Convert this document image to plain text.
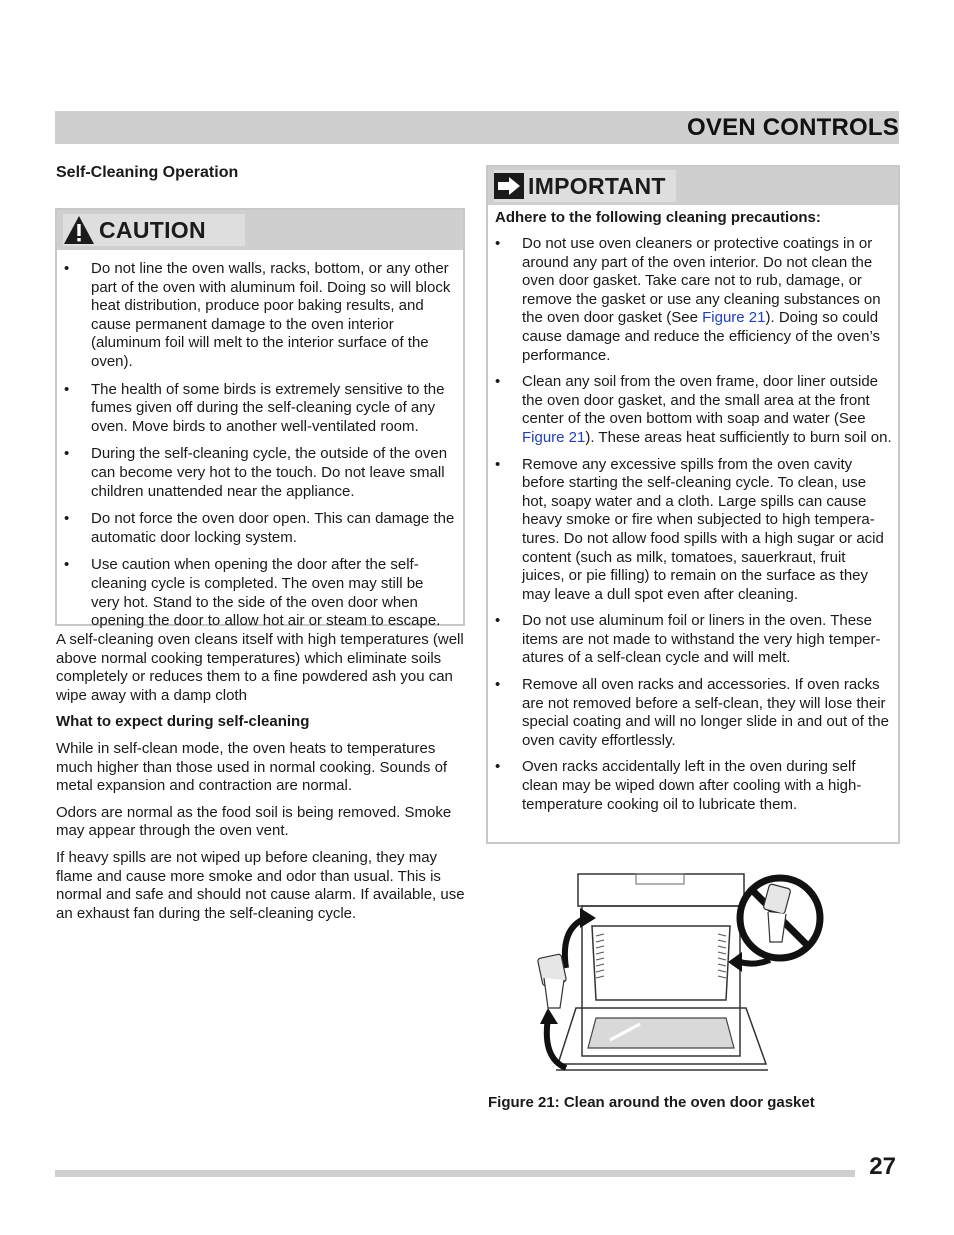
OVEN CONTROLS
Self-Cleaning Operation
CAUTION
• Do not line the oven walls, racks, bottom, or any other part of the oven with aluminum foil. Doing so will block heat distribution, produce poor baking results, and cause permanent damage to the oven interior (aluminum foil will melt to the interior surface of the oven).
• The health of some birds is extremely sensitive to the fumes given off during the self-cleaning cycle of any oven. Move birds to another well-ventilated room.
• During the self-cleaning cycle, the outside of the oven can become very hot to the touch. Do not leave small children unattended near the appliance.
• Do not force the oven door open. This can damage the automatic door locking system.
• Use caution when opening the door after the self-cleaning cycle is completed. The oven may still be very hot. Stand to the side of the oven door when opening the door to allow hot air or steam to escape.

A self-cleaning oven cleans itself with high temperatures (well above normal cooking temperatures) which eliminate soils completely or reduces them to a fine powdered ash you can wipe away with a damp cloth

What to expect during self-cleaning

While in self-clean mode, the oven heats to temperatures much higher than those used in normal cooking. Sounds of metal expansion and contraction are normal.

Odors are normal as the food soil is being removed. Smoke may appear through the oven vent.

If heavy spills are not wiped up before cleaning, they may flame and cause more smoke and odor than usual. This is normal and safe and should not cause alarm. If available, use an exhaust fan during the self-cleaning cycle.

IMPORTANT
Adhere to the following cleaning precautions:
• Do not use oven cleaners or protective coatings in or around any part of the oven interior. Do not clean the oven door gasket. Take care not to rub, damage, or remove the gasket or use any cleaning substances on the oven door gasket (See Figure 21). Doing so could cause damage and reduce the efficiency of the oven’s performance.
• Clean any soil from the oven frame, door liner outside the oven door gasket, and the small area at the front center of the oven bottom with soap and water (See Figure 21). These areas heat sufficiently to burn soil on.
• Remove any excessive spills from the oven cavity before starting the self-cleaning cycle. To clean, use hot, soapy water and a cloth. Large spills can cause heavy smoke or fire when subjected to high tempera-tures. Do not allow food spills with a high sugar or acid content (such as milk, tomatoes, sauerkraut, fruit juices, or pie filling) to remain on the surface as they may leave a dull spot even after cleaning.
• Do not use aluminum foil or liners in the oven. These items are not made to withstand the very high temper-atures of a self-clean cycle and will melt.
• Remove all oven racks and accessories. If oven racks are not removed before a self-clean, they will lose their special coating and will no longer slide in and out of the oven cavity effortlessly.
• Oven racks accidentally left in the oven during self clean may be wiped down after cooling with a high-temperature cooking oil to lubricate them.
Figure 21: Clean around the oven door gasket
27
